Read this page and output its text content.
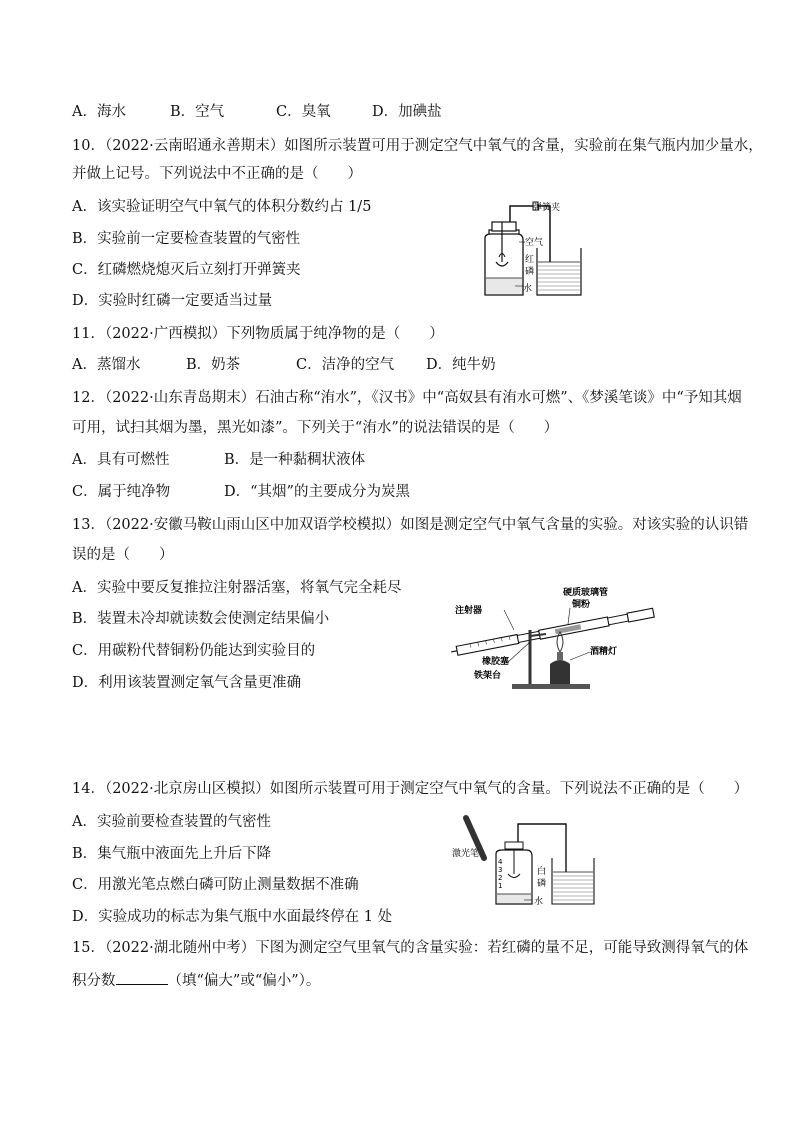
A．海水	B．空气	C．臭氧	D．加碘盐
10．（2022·云南昭通永善期末）如图所示装置可用于测定空气中氧气的含量，实验前在集气瓶内加少量水，
并做上记号。下列说法中不正确的是（　　）
A．该实验证明空气中氧气的体积分数约占 1/5
B．实验前一定要检查装置的气密性
C．红磷燃烧熄灭后立刻打开弹簧夹
D．实验时红磷一定要适当过量
弹簧夹
空气
红
磷
水
11．（2022·广西模拟）下列物质属于纯净物的是（　　）
A．蒸馏水	B．奶茶	C．洁净的空气 D．纯牛奶
12．（2022·山东青岛期末）石油古称“洧水”，《汉书》中“高奴县有洧水可燃”、《梦溪笔谈》中“予知其烟
可用，试扫其烟为墨，黑光如漆”。下列关于“洧水”的说法错误的是（　　）
A．具有可燃性	B．是一种黏稠状液体
C．属于纯净物	D．“其烟”的主要成分为炭黑
13．（2022·安徽马鞍山雨山区中加双语学校模拟）如图是测定空气中氧气含量的实验。对该实验的认识错
误的是（　　）
A．实验中要反复推拉注射器活塞，将氧气完全耗尽
B．装置未冷却就读数会使测定结果偏小
C．用碳粉代替铜粉仍能达到实验目的
D．利用该装置测定氧气含量更准确
硬质玻璃管
铜粉
注射器
橡胶塞
酒精灯
铁架台
14．（2022·北京房山区模拟）如图所示装置可用于测定空气中氧气的含量。下列说法不正确的是（　　）
A．实验前要检查装置的气密性
B．集气瓶中液面先上升后下降
C．用激光笔点燃白磷可防止测量数据不准确
D．实验成功的标志为集气瓶中水面最终停在 1 处
激光笔
4
3
2
1
白
磷
水
15．（2022·湖北随州中考）下图为测定空气里氧气的含量实验：若红磷的量不足，可能导致测得氧气的体
积分数	（填“偏大”或“偏小”）。
